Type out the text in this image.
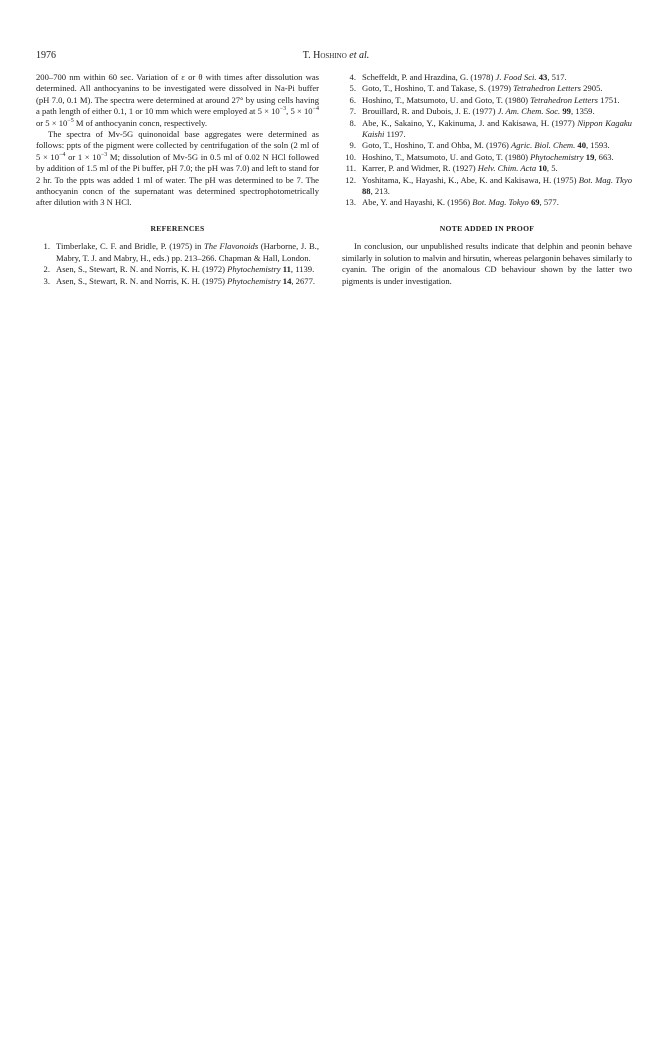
1976	T. Hoshino et al.

200–700 nm within 60 sec. Variation of ε or θ with times after dissolution was determined. All anthocyanins to be investigated were dissolved in Na-Pi buffer (pH 7.0, 0.1 M). The spectra were determined at around 27° by using cells having a path length of either 0.1, 1 or 10 mm which were employed at $5 \times 10^{-3}$, $5 \times 10^{-4}$ or $5 \times 10^{-5}$ M of anthocyanin concn, respectively.

The spectra of Mv-5G quinonoidal base aggregates were determined as follows: ppts of the pigment were collected by centrifugation of the soln (2 ml of $5 \times 10^{-4}$ or $1 \times 10^{-3}$ M; dissolution of Mv-5G in 0.5 ml of 0.02 N HCl followed by addition of 1.5 ml of the Pi buffer, pH 7.0; the pH was 7.0) and left to stand for 2 hr. To the ppts was added 1 ml of water. The pH was determined to be 7. The anthocyanin concn of the supernatant was determined spectrophotometrically after dilution with 3 N HCl.

REFERENCES
1. Timberlake, C. F. and Bridle, P. (1975) in The Flavonoids (Harborne, J. B., Mabry, T. J. and Mabry, H., eds.) pp. 213–266. Chapman & Hall, London.
2. Asen, S., Stewart, R. N. and Norris, K. H. (1972) Phytochemistry 11, 1139.
3. Asen, S., Stewart, R. N. and Norris, K. H. (1975) Phytochemistry 14, 2677.
4. Scheffeldt, P. and Hrazdina, G. (1978) J. Food Sci. 43, 517.
5. Goto, T., Hoshino, T. and Takase, S. (1979) Tetrahedron Letters 2905.
6. Hoshino, T., Matsumoto, U. and Goto, T. (1980) Tetrahedron Letters 1751.
7. Brouillard, R. and Dubois, J. E. (1977) J. Am. Chem. Soc. 99, 1359.
8. Abe, K., Sakaino, Y., Kakinuma, J. and Kakisawa, H. (1977) Nippon Kagaku Kaishi 1197.
9. Goto, T., Hoshino, T. and Ohba, M. (1976) Agric. Biol. Chem. 40, 1593.
10. Hoshino, T., Matsumoto, U. and Goto, T. (1980) Phytochemistry 19, 663.
11. Karrer, P. and Widmer, R. (1927) Helv. Chim. Acta 10, 5.
12. Yoshitama, K., Hayashi, K., Abe, K. and Kakisawa, H. (1975) Bot. Mag. Tkyo 88, 213.
13. Abe, Y. and Hayashi, K. (1956) Bot. Mag. Tokyo 69, 577.
NOTE ADDED IN PROOF

In conclusion, our unpublished results indicate that delphin and peonin behave similarly in solution to malvin and hirsutin, whereas pelargonin behaves similarly to cyanin. The origin of the anomalous CD behaviour shown by the latter two pigments is under investigation.
